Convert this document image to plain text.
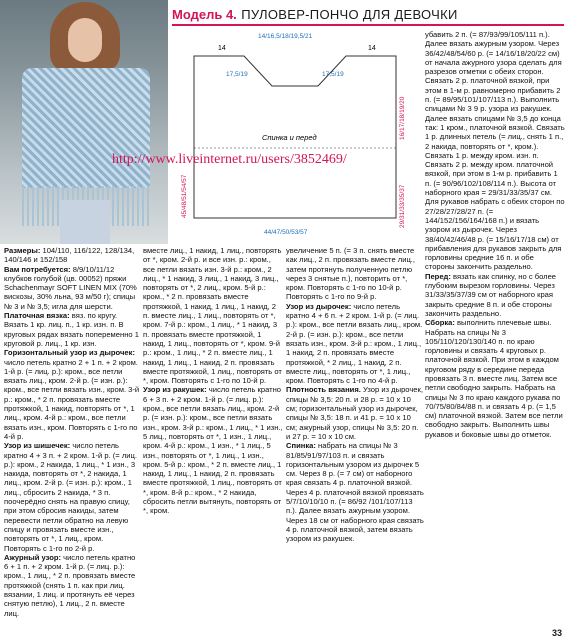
Модель 4. ПУЛОВЕР-ПОНЧО ДЛЯ ДЕВОЧКИ
14	14
14/16,5/18/19,5/21
17,5/19	17,5/19
16/17/18/19/20
29/31/33/35/37
45/48/51/54/57
Спинка и перед
44/47/50/53/57
http://www.liveinternet.ru/users/3852469/

Размеры: 104/110, 116/122, 128/134, 140/146 и 152/158

Вам потребуется: 8/9/10/11/12 клубков голубой (цв. 00052) пряжи Schachenmayr SOFT LINEN MIX (70% вискозы, 30% льна, 93 м/50 г); спицы № 3 и № 3,5; игла для шерсти.

Платочная вязка: вяз. по кругу. Вязать 1 кр. лиц. п., 1 кр. изн. п. В круговых рядах вязать попеременно 1 круговой р. лиц., 1 кр. изн.

Горизонтальный узор из дырочек: число петель кратно 2 + 1 п. + 2 кром. 1-й р. (= лиц. р.): кром., все петли вязать лиц., кром. 2-й р. (= изн. р.): кром., все петли вязать изн., кром. 3-й р.: кром., * 2 п. провязать вместе протяжкой, 1 накид, повторять от *, 1 лиц., кром. 4-й р.: кром., все петли вязать изн., кром. Повторять с 1-го по 4-й р.

Узор из шишечек: число петель кратно 4 + 3 п. + 2 кром. 1-й р. (= лиц. р.): кром., 2 накида, 1 лиц., * 1 изн., 3 накида, повторять от *, 2 накида, 1 лиц., кром. 2-й р. (= изн. р.): кром., 1 лиц., сбросить 2 накида, * 3 п. поочерёдно снять на правую спицу, при этом сбросив накиды, затем перевести петли обратно на левую спицу и провязать вместе изн., повторять от *, 1 лиц., кром. Повторять с 1-го по 2-й р.

Ажурный узор: число петель кратно 6 + 1 п. + 2 кром. 1-й р. (= лиц. р.): кром., 1 лиц., * 2 п. провязать вместе протяжкой (снять 1 п. как при лиц. вязании, 1 лиц. и протянуть её через снятую петлю), 1 лиц., 2 п. вместе лиц.

вместе лиц., 1 накид, 1 лиц., повторять от *, кром. 2-й р. и все изн. р.: кром., все петли вязать изн. 3-й р.: кром., 2 лиц., * 1 накид, 3 лиц., 1 накид, 3 лиц., повторять от *, 2 лиц., кром. 5-й р.: кром., * 2 п. провязать вместе протяжкой, 1 накид, 1 лиц., 1 накид, 2 п. вместе лиц., 1 лиц., повторять от *, кром. 7-й р.: кром., 1 лиц., * 1 накид, 3 п. провязать вместе протяжкой, 1 накид, 1 лиц., повторять от *, кром. 9-й р.: кром., 1 лиц., * 2 п. вместе лиц., 1 накид, 1 лиц., 1 накид, 2 п. провязать вместе протяжкой, 1 лиц., повторять от *, кром. Повторять с 1-го по 10-й р.

Узор из ракушек: число петель кратно 6 + 3 п. + 2 кром. 1-й р. (= лиц. р.): кром., все петли вязать лиц., кром. 2-й р. (= изн. р.): кром., все петли вязать изн., кром. 3-й р.: кром., 1 лиц., * 1 изн., 5 лиц., повторять от *, 1 изн., 1 лиц., кром. 4-й р.: кром., 1 изн., * 1 лиц., 5 изн., повторять от *, 1 лиц., 1 изн., кром. 5-й р.: кром., * 2 п. вместе лиц., 1 накид, 1 лиц., 1 накид, 2 п. провязать вместе протяжкой, 1 лиц., повторять от *, кром. 8-й р.: кром., * 2 накида, сбросить петли вытянуть, повторять от *, кром.

увеличение 5 п. (= 3 п. снять вместе как лиц., 2 п. провязать вместе лиц., затем протянуть полученную петлю через 3 снятые п.), повторить от *, кром. Повторять с 1-го по 10-й р. Повторять с 1-го по 9-й р.

Узор из дырочек: число петель кратно 4 + 6 п. + 2 кром. 1-й р. (= лиц. р.): кром., все петли вязать лиц., кром. 2-й р. (= изн. р.): кром., все петли вязать изн., кром. 3-й р.: кром., 1 лиц., 1 накид, 2 п. провязать вместе протяжкой, * 2 лиц., 1 накид, 2 п. вместе лиц., повторять от *, 1 лиц., кром. Повторять с 1-го по 4-й р.

Плотность вязания. Узор из дырочек, спицы № 3,5: 20 п. и 28 р. = 10 х 10 см; горизонтальный узор из дырочек, спицы № 3,5: 18 п. и 41 р. = 10 х 10 см; ажурный узор, спицы № 3,5: 20 п. и 27 р. = 10 х 10 см.

Спинка: набрать на спицы № 3 81/85/91/97/103 п. и связать горизонтальным узором из дырочек 5 см. Через 8 р. (= 7 см) от наборного края связать 4 р. платочной вязкой. Через 4 р. платочной вязкой провязать 5/7/10/10/10 п. (= 86/92 /101/107/113 п.). Далее вязать ажурным узором. Через 18 см от наборного края связать 4 р. платочной вязкой, затем вязать узором из ракушек.

убавить 2 п. (= 87/93/99/105/111 п.). Далее вязать ажурным узором. Через 36/42/48/54/60 р. (= 14/16/18/20/22 см) от начала ажурного узора сделать для разрезов отметки с обеих сторон. Связать 2 р. платочной вязкой, при этом в 1-м р. равномерно прибавить 2 п. (= 89/95/101/107/113 п.). Выполнить спицами № 3 9 р. узора из ракушек. Далее вязать спицами № 3,5 до конца так: 1 кром., платочной вязкой. Связать 1 р. длинных петель (= лиц., снять 1 п., 2 накида, повторять от *, кром.). Связать 1 р. между кром. изн. п. Связать 2 р. между кром. платочной вязкой, при этом в 1-м р. прибавить 1 п. (= 90/96/102/108/114 п.). Высота от наборного края = 29/31/33/35/37 см. Для рукавов набрать с обеих сторон по 27/28/27/28/27 п. (= 144/152/156/164/168 п.) и вязать узором из дырочек. Через 38/40/42/46/48 р. (= 15/16/17/18 см) от прибавления для рукавов закрыть для горловины средние 16 п. и обе стороны закончить раздельно.

Перед: вязать как спинку, но с более глубоким вырезом горловины. Через 31/33/35/37/39 см от наборного края закрыть средние 8 п. и обе стороны закончить раздельно.

Сборка: выполнить плечевые швы. Набрать на спицы № 3 105/110/120/130/140 п. по краю горловины и связать 4 круговых р. платочной вязкой. При этом в каждом круговом ряду в середине переда провязать 3 п. вместе лиц. Затем все петли свободно закрыть. Набрать на спицы № 3 по краю каждого рукава по 70/75/80/84/88 п. и связать 4 р. (= 1,5 см) платочной вязкой. Затем все петли свободно закрыть. Выполнить швы рукавов и боковые швы до отметок.

33
